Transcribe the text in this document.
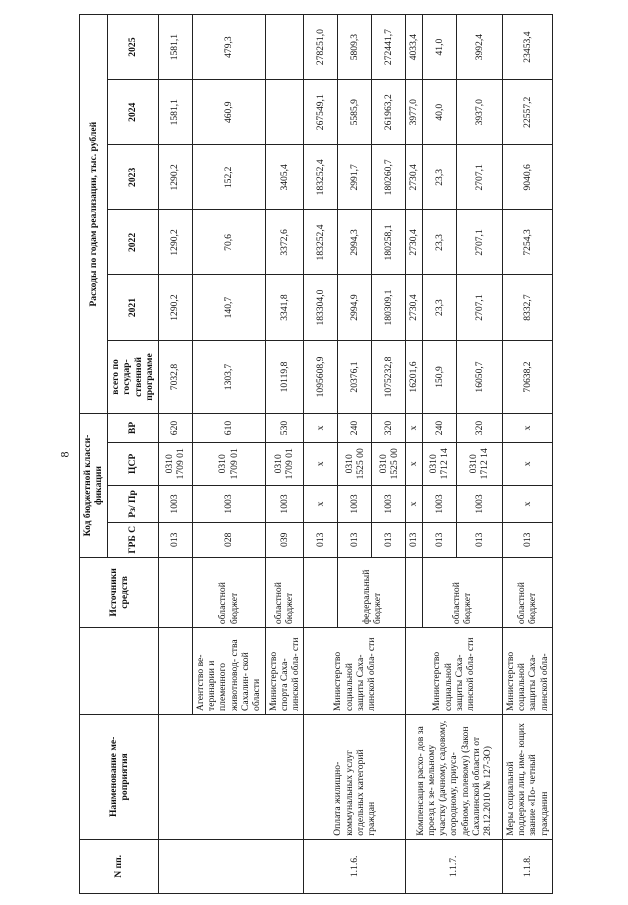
8
N пп.	Наименование ме- роприятия		Источники средств	Код бюджетной класси- фикации				Расходы по годам реализации, тыс. рублей					
				ГРБ С	Рз/ Пр	ЦСР	ВР	всего по государ- ственной программе	2021	2022	2023	2024	2025
				013	1003	0310 1709 01	620	7032,8	1290,2	1290,2	1290,2	1581,1	1581,1
		Агентство ве- теринарии и племенного животновод- ства Сахалин- ской области	областной бюджет	028	1003	0310 1709 01	610	1303,7	140,7	70,6	152,2	460,9	479,3
		Министерство спорта Саха- линской обла- сти	областной бюджет	039	1003	0310 1709 01	530	10119,8	3341,8	3372,6	3405,4		
1.1.6.	Оплата жилищно- коммунальных услуг отдельных категорий граждан	Министерство социальной защиты Саха- линской обла- сти		013	х	х	х	1095608,9	183304,0	183252,4	183252,4	267549,1	278251,0
			федеральный бюджет	013	1003	0310 1525 00	240	20376,1	2994,9	2994,3	2991,7	5585,9	5809,3
				013	1003	0310 1525 00	320	1075232,8	180309,1	180258,1	180260,7	261963,2	272441,7
1.1.7.	Компенсация расхо- дов за проезд к зе- мельному участку (дачному, садовому, огородному, приуса- дебному, полевому) (Закон Сахалинской области от 28.12.2010 № 127-ЗО)	Министерство социальной защиты Саха- линской обла- сти		013	х	х	х	16201,6	2730,4	2730,4	2730,4	3977,0	4033,4
			областной бюджет	013	1003	0310 1712 14	240	150,9	23,3	23,3	23,3	40,0	41,0
				013	1003	0310 1712 14	320	16050,7	2707,1	2707,1	2707,1	3937,0	3992,4
1.1.8.	Меры социальной поддержки лиц, име- ющих звание «По- четный гражданин	Министерство социальной защиты Саха- линской обла-	областной бюджет	013	х	х	х	70638,2	8332,7	7254,3	9040,6	22557,2	23453,4
